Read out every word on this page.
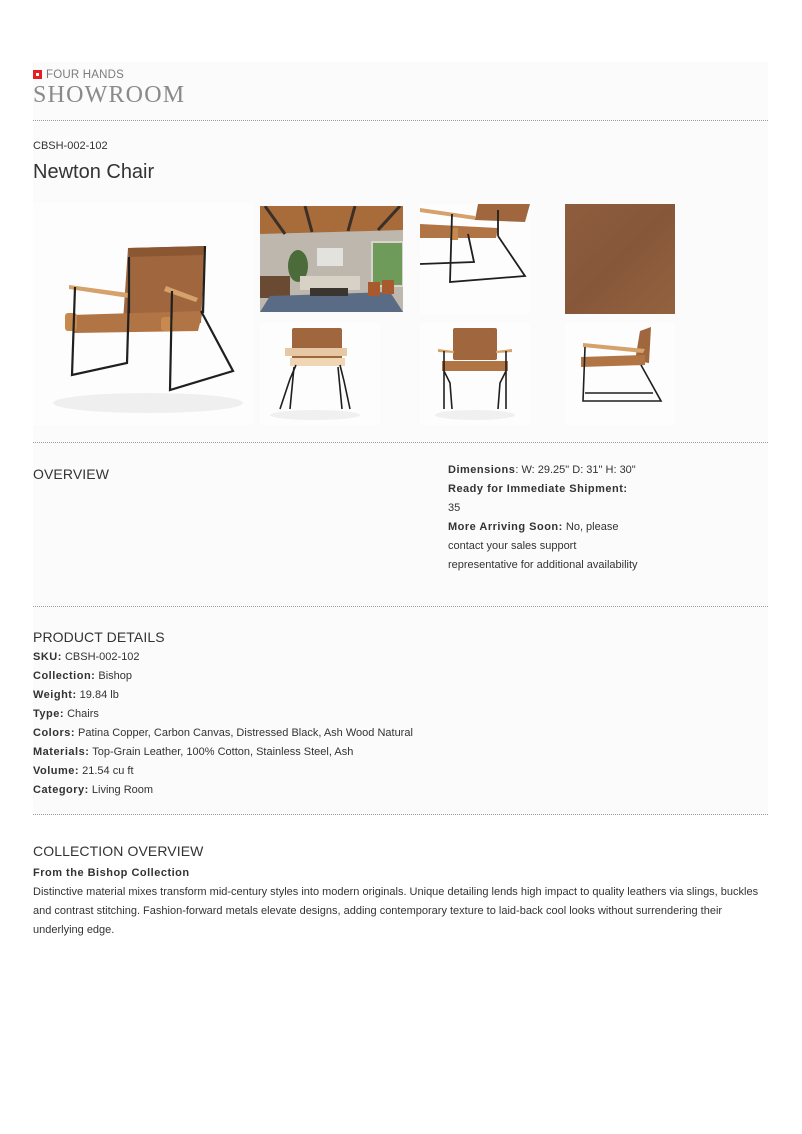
FOUR HANDS
SHOWROOM
CBSH-002-102
Newton Chair
OVERVIEW	Dimensions: W: 29.25" D: 31" H: 30"
Ready for Immediate Shipment: 35
More Arriving Soon: No, please contact your sales support representative for additional availability
PRODUCT DETAILS
SKU: CBSH-002-102
Collection: Bishop
Weight: 19.84 lb
Type: Chairs
Colors: Patina Copper, Carbon Canvas, Distressed Black, Ash Wood Natural
Materials: Top-Grain Leather, 100% Cotton, Stainless Steel, Ash
Volume: 21.54 cu ft
Category: Living Room
COLLECTION OVERVIEW
From the Bishop Collection

Distinctive material mixes transform mid-century styles into modern originals. Unique detailing lends high impact to quality leathers via slings, buckles and contrast stitching. Fashion-forward metals elevate designs, adding contemporary texture to laid-back cool looks without surrendering their underlying edge.
